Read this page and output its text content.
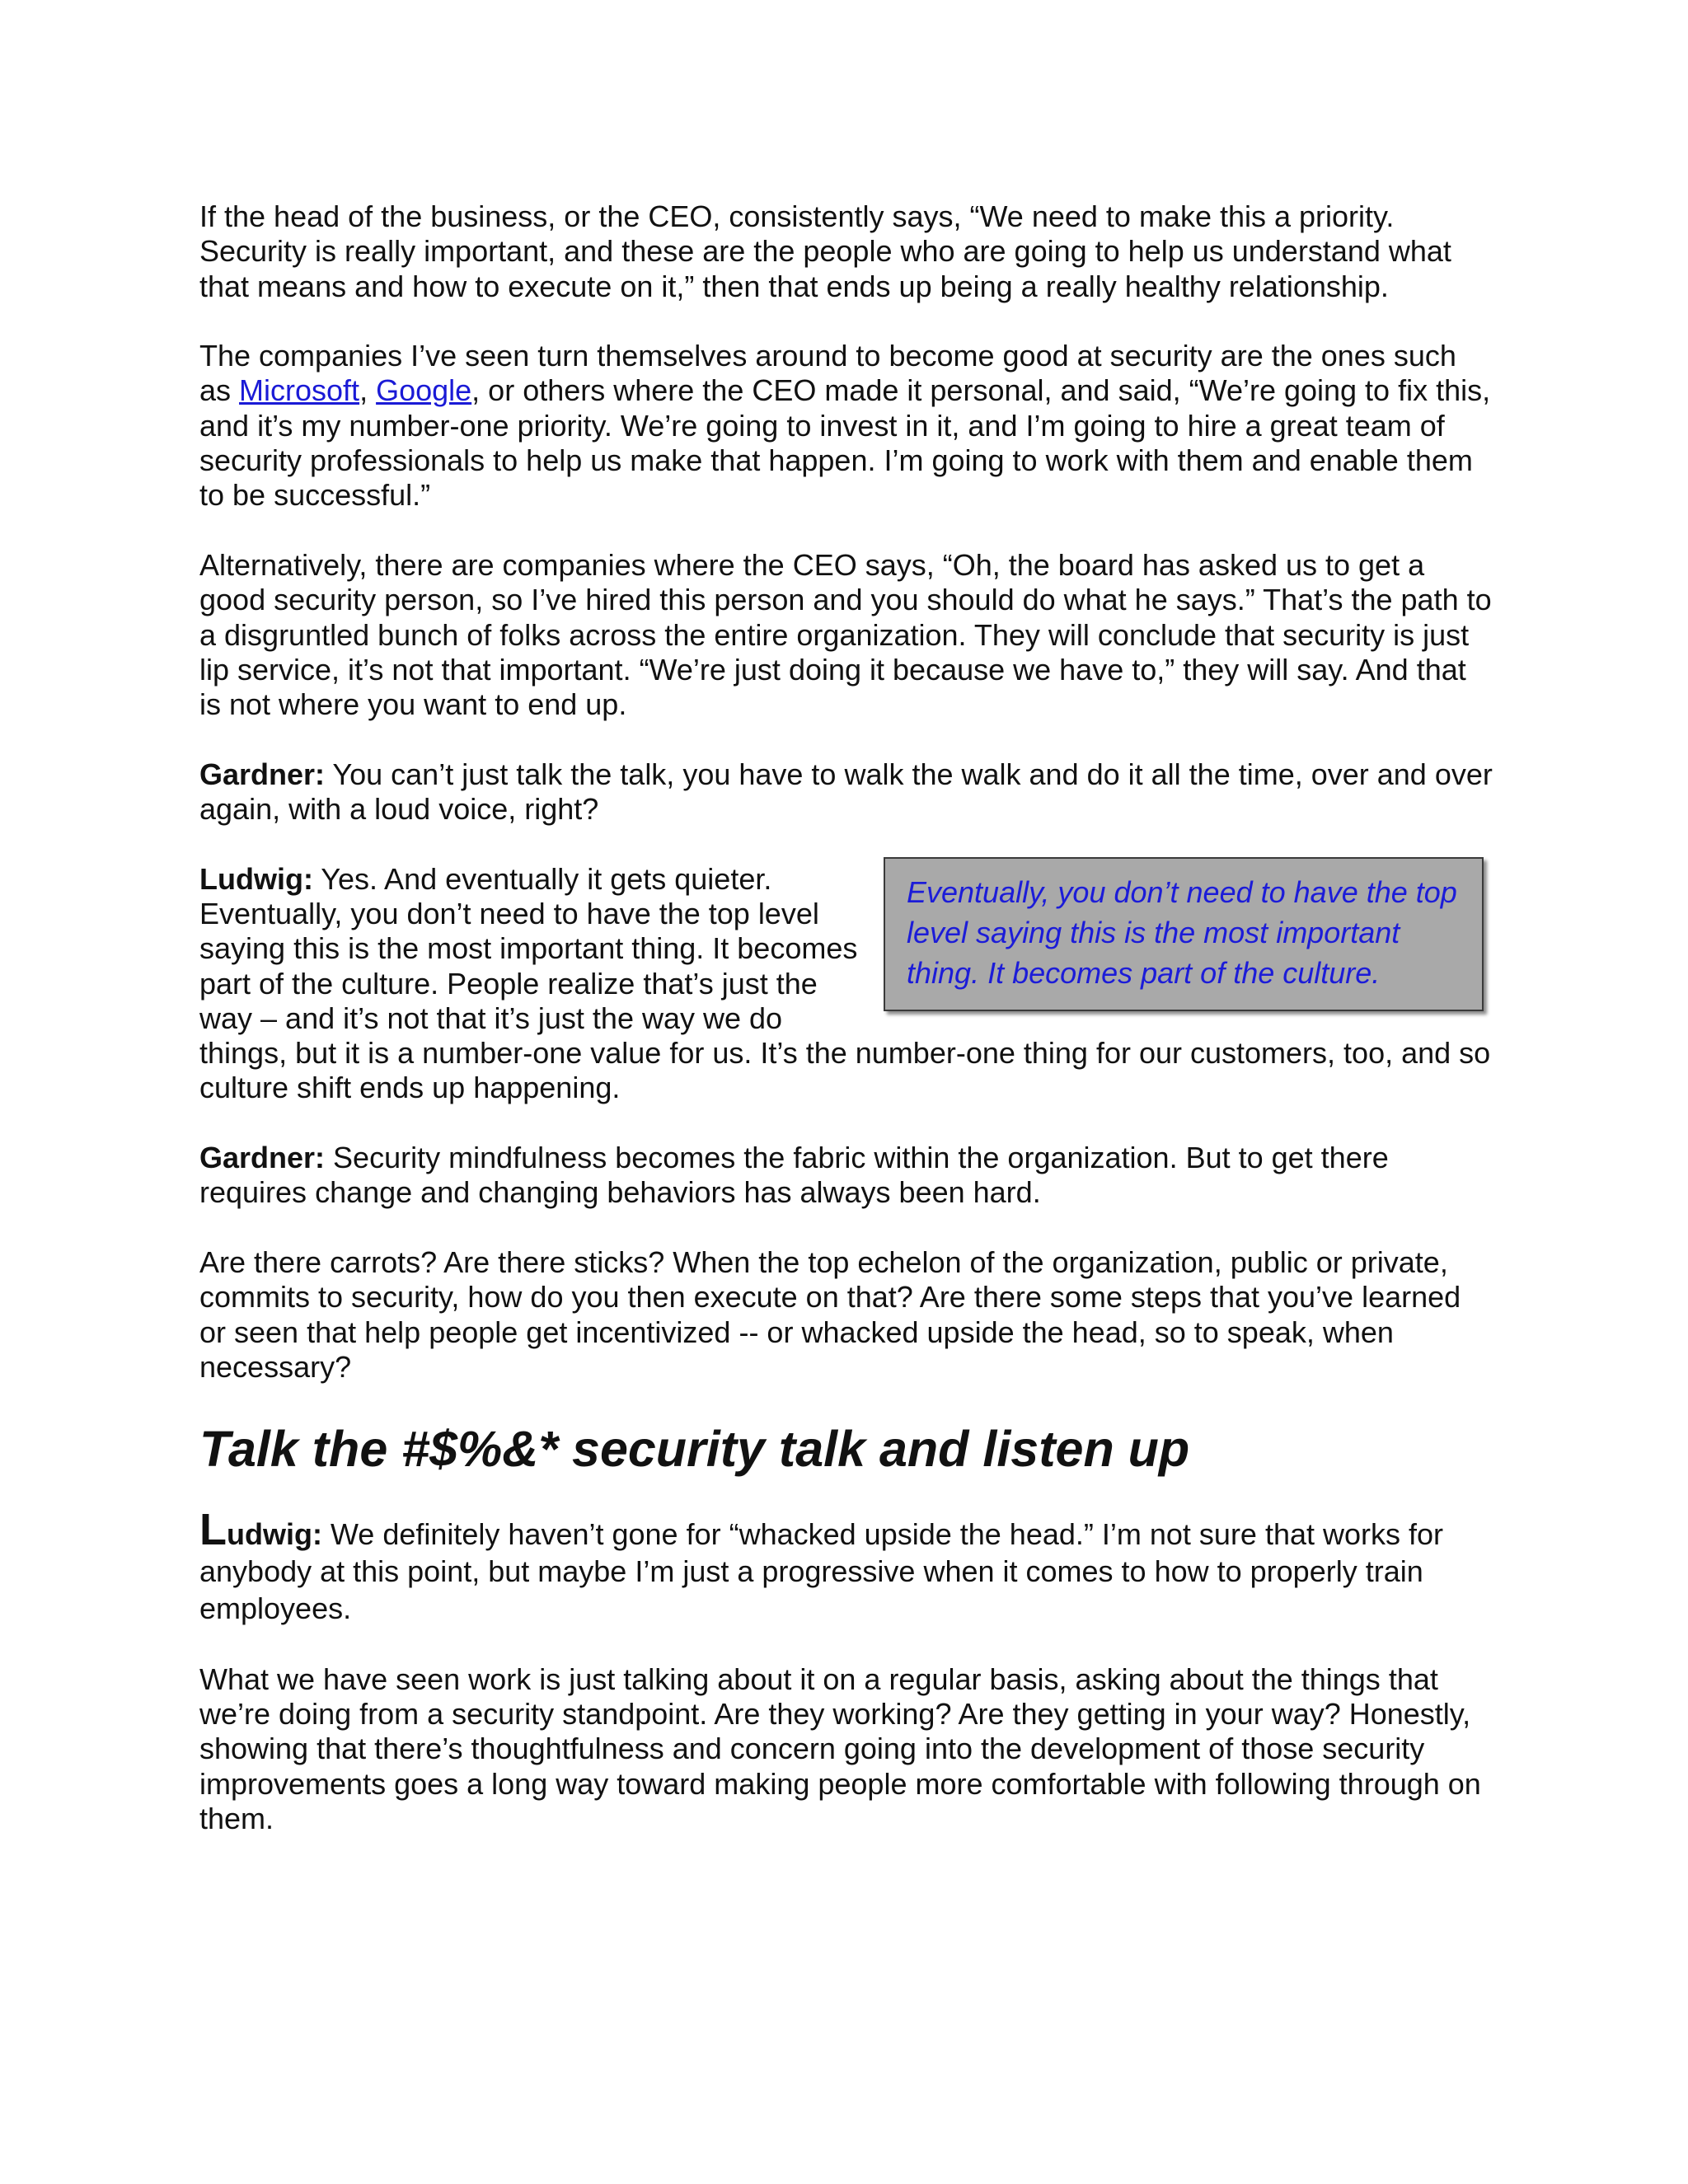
If the head of the business, or the CEO, consistently says, “We need to make this a priority. Security is really important, and these are the people who are going to help us understand what that means and how to execute on it,” then that ends up being a really healthy relationship.

The companies I’ve seen turn themselves around to become good at security are the ones such as Microsoft, Google, or others where the CEO made it personal, and said, “We’re going to fix this, and it’s my number-one priority. We’re going to invest in it, and I’m going to hire a great team of security professionals to help us make that happen. I’m going to work with them and enable them to be successful.”

Alternatively, there are companies where the CEO says, “Oh, the board has asked us to get a good security person, so I’ve hired this person and you should do what he says.” That’s the path to a disgruntled bunch of folks across the entire organization. They will conclude that security is just lip service, it’s not that important. “We’re just doing it because we have to,” they will say. And that is not where you want to end up.

Gardner: You can’t just talk the talk, you have to walk the walk and do it all the time, over and over again, with a loud voice, right?

Eventually, you don’t need to have the top level saying this is the most important thing. It becomes part of the culture.

Ludwig: Yes. And eventually it gets quieter. Eventually, you don’t need to have the top level saying this is the most important thing. It becomes part of the culture. People realize that’s just the way – and it’s not that it’s just the way we do things, but it is a number-one value for us. It’s the number-one thing for our customers, too, and so culture shift ends up happening.

Gardner: Security mindfulness becomes the fabric within the organization. But to get there requires change and changing behaviors has always been hard.

Are there carrots? Are there sticks? When the top echelon of the organization, public or private, commits to security, how do you then execute on that? Are there some steps that you’ve learned or seen that help people get incentivized -- or whacked upside the head, so to speak, when necessary?

Talk the #$%&* security talk and listen up

Ludwig: We definitely haven’t gone for “whacked upside the head.” I’m not sure that works for anybody at this point, but maybe I’m just a progressive when it comes to how to properly train employees.

What we have seen work is just talking about it on a regular basis, asking about the things that we’re doing from a security standpoint. Are they working? Are they getting in your way? Honestly, showing that there’s thoughtfulness and concern going into the development of those security improvements goes a long way toward making people more comfortable with following through on them.
